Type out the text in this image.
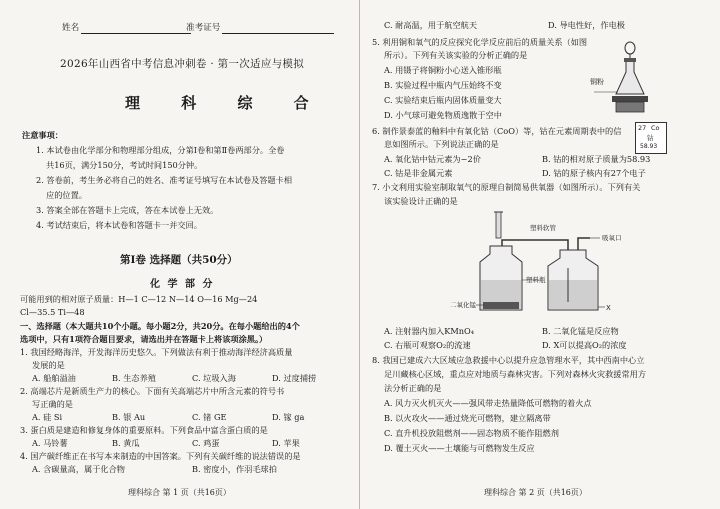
姓名	准考证号
2026年山西省中考信息冲刺卷 · 第一次适应与模拟
理 科 综 合
注意事项：
1. 本试卷由化学部分和物理部分组成，分第Ⅰ卷和第Ⅱ卷两部分。全卷
共16页，满分150分，考试时间150分钟。
2. 答卷前，考生务必将自己的姓名、准考证号填写在本试卷及答题卡相
应的位置。
3. 答案全部在答题卡上完成，答在本试卷上无效。
4. 考试结束后，将本试卷和答题卡一并交回。
第Ⅰ卷 选择题（共50分）
化 学 部 分
可能用到的相对原子质量：H—1 C—12 N—14 O—16 Mg—24
Cl—35.5 Ti—48
一、选择题（本大题共10个小题。每小题2分，共20分。在每小题给出的4个
选项中，只有1项符合题目要求，请选出并在答题卡上将该项涂黑。）
1. 我国经略海洋，开发海洋历史悠久。下列做法有利于推动海洋经济高质量
发展的是
A. 船舶溢油	B. 生态养殖	C. 垃圾入海	D. 过度捕捞
2. 高端芯片是新质生产力的核心。下面有关高端芯片中所含元素的符号书
写正确的是
A. 硅 Si	B. 银 Au	C. 锗 GE	D. 镓 ga
3. 蛋白质是建造和修复身体的重要原料。下列食品中富含蛋白质的是
A. 马铃薯	B. 黄瓜	C. 鸡蛋	D. 苹果
4. 国产碳纤维正在书写本来制造的中国答案。下列有关碳纤维的说法错误的是
A. 含碳量高，属于化合物	B. 密度小，作羽毛球拍
理科综合 第 1 页（共16页）
C. 耐高温，用于航空航天	D. 导电性好，作电极
5. 利用铜和氧气的反应探究化学反应前后的质量关系（如图
所示）。下列有关该实验的分析正确的是
A. 用镊子将铜粉小心送入锥形瓶
B. 实验过程中瓶内气压始终不变
C. 实验结束后瓶内固体质量变大
D. 小气球可避免物质逸散于空中
铜粉
6. 制作景泰蓝的釉料中有氧化钴（CoO）等，钴在元素周期表中的信
息如图所示。下列说法正确的是
27 Co
钴
58.93
A. 氧化钴中钴元素为−2价	B. 钴的相对原子质量为58.93
C. 钴是非金属元素	D. 钴的原子核内有27个电子
7. 小文利用实验室制取氧气的原理自制简易供氧器（如图所示）。下列有关
该实验设计正确的是
塑料软管
吸氧口
塑料瓶
二氧化锰	X
A. 注射器内加入KMnO₄	B. 二氧化锰是反应物
C. 右瓶可观察O₂的流速	D. X可以提高O₂的浓度
8. 我国已建成六大区域应急救援中心以提升应急管理水平，其中西南中心立
足川藏核心区域，重点应对地质与森林灾害。下列对森林火灾救援常用方
法分析正确的是
A. 风力灭火机灭火——强风带走热量降低可燃物的着火点
B. 以火攻火——通过烧光可燃物，建立隔离带
C. 直升机投放阻燃剂——固态物质不能作阻燃剂
D. 覆土灭火——土壤能与可燃物发生反应
理科综合 第 2 页（共16页）
